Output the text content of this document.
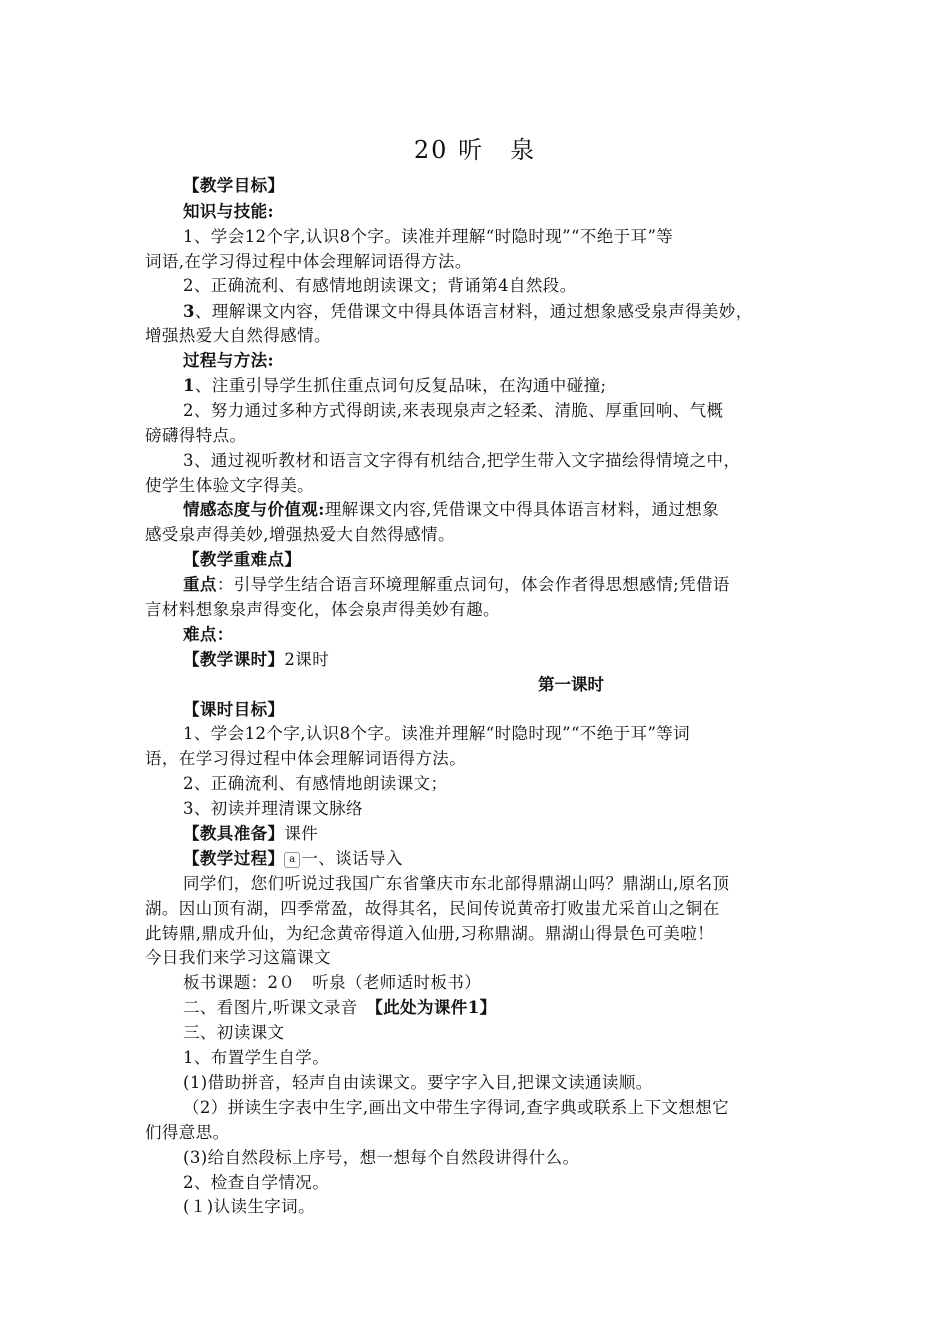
20 听　泉
【教学目标】
知识与技能:
1、学会12个字,认识8个字。读准并理解“时隐时现”“不绝于耳”等
词语,在学习得过程中体会理解词语得方法。
2、正确流利、有感情地朗读课文；背诵第4自然段。
3、理解课文内容，凭借课文中得具体语言材料，通过想象感受泉声得美妙，
增强热爱大自然得感情。
过程与方法:
1、注重引导学生抓住重点词句反复品味，在沟通中碰撞;
2、努力通过多种方式得朗读,来表现泉声之轻柔、清脆、厚重回响、气概
磅礴得特点。
3、通过视听教材和语言文字得有机结合,把学生带入文字描绘得情境之中，
使学生体验文字得美。
情感态度与价值观:理解课文内容,凭借课文中得具体语言材料，通过想象
感受泉声得美妙,增强热爱大自然得感情。
【教学重难点】
重点：引导学生结合语言环境理解重点词句，体会作者得思想感情;凭借语
言材料想象泉声得变化，体会泉声得美妙有趣。
难点：
【教学课时】2课时
第一课时
【课时目标】
1、学会12个字,认识8个字。读准并理解“时隐时现”“不绝于耳”等词
语，在学习得过程中体会理解词语得方法。
2、正确流利、有感情地朗读课文；
3、初读并理清课文脉络
【教具准备】课件
【教学过程】 a 一、谈话导入
同学们，您们听说过我国广东省肇庆市东北部得鼎湖山吗？鼎湖山,原名顶
湖。因山顶有湖，四季常盈，故得其名，民间传说黄帝打败蚩尤采首山之铜在
此铸鼎,鼎成升仙，为纪念黄帝得道入仙册,习称鼎湖。鼎湖山得景色可美啦！
今日我们来学习这篇课文
板书课题：2０　听泉（老师适时板书）
二、看图片,听课文录音　【此处为课件1】
三、初读课文
1、布置学生自学。
(1)借助拼音，轻声自由读课文。要字字入目,把课文读通读顺。
（2）拼读生字表中生字,画出文中带生字得词,查字典或联系上下文想想它
们得意思。
(3)给自然段标上序号，想一想每个自然段讲得什么。
2、检查自学情况。
(１)认读生字词。
